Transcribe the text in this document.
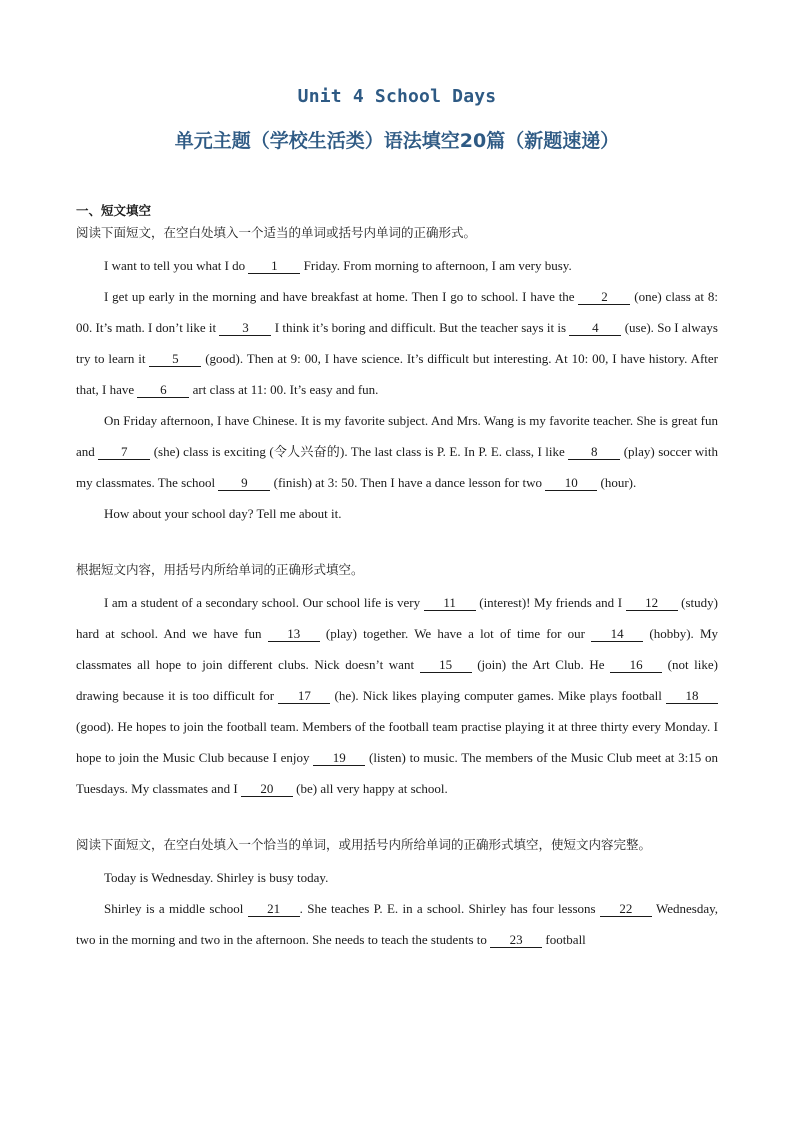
Unit 4 School Days
单元主题（学校生活类）语法填空20篇（新题速递）
一、短文填空
阅读下面短文，在空白处填入一个适当的单词或括号内单词的正确形式。

I want to tell you what I do 1 Friday. From morning to afternoon, I am very busy.

I get up early in the morning and have breakfast at home. Then I go to school. I have the 2 (one) class at 8: 00. It’s math. I don’t like it 3 I think it’s boring and difficult. But the teacher says it is 4 (use). So I always try to learn it 5 (good). Then at 9: 00, I have science. It’s difficult but interesting. At 10: 00, I have history. After that, I have 6 art class at 11: 00. It’s easy and fun.

On Friday afternoon, I have Chinese. It is my favorite subject. And Mrs. Wang is my favorite teacher. She is great fun and 7 (she) class is exciting (令人兴奋的). The last class is P. E. In P. E. class, I like 8 (play) soccer with my classmates. The school 9 (finish) at 3: 50. Then I have a dance lesson for two 10 (hour).

How about your school day? Tell me about it.

根据短文内容，用括号内所给单词的正确形式填空。

I am a student of a secondary school. Our school life is very 11 (interest)! My friends and I 12 (study) hard at school. And we have fun 13 (play) together. We have a lot of time for our 14 (hobby). My classmates all hope to join different clubs. Nick doesn’t want 15 (join) the Art Club. He 16 (not like) drawing because it is too difficult for 17 (he). Nick likes playing computer games. Mike plays football 18 (good). He hopes to join the football team. Members of the football team practise playing it at three thirty every Monday. I hope to join the Music Club because I enjoy 19 (listen) to music. The members of the Music Club meet at 3:15 on Tuesdays. My classmates and I 20 (be) all very happy at school.

阅读下面短文，在空白处填入一个恰当的单词，或用括号内所给单词的正确形式填空，使短文内容完整。

Today is Wednesday. Shirley is busy today.

Shirley is a middle school 21 . She teaches P. E. in a school. Shirley has four lessons 22 Wednesday, two in the morning and two in the afternoon. She needs to teach the students to 23 football
